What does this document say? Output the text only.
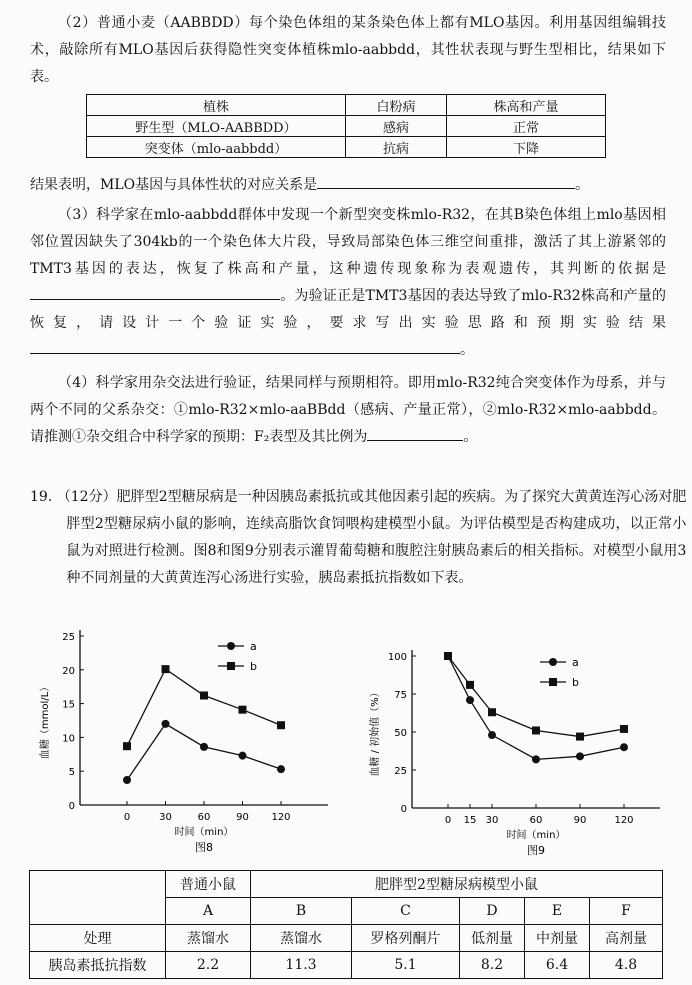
（2）普通小麦（AABBDD）每个染色体组的某条染色体上都有MLO基因。利用基因组编辑技术，敲除所有MLO基因后获得隐性突变体植株mlo-aabbdd，其性状表现与野生型相比，结果如下表。

植株	白粉病	株高和产量
野生型（MLO-AABBDD）	感病	正常
突变体（mlo-aabbdd）	抗病	下降

结果表明，MLO基因与具体性状的对应关系是	。

（3）科学家在mlo-aabbdd群体中发现一个新型突变株mlo-R32，在其B染色体组上mlo基因相邻位置因缺失了304kb的一个染色体大片段，导致局部染色体三维空间重排，激活了其上游紧邻的TMT3基因的表达，恢复了株高和产量，这种遗传现象称为表观遗传，其判断的依据是。为验证正是TMT3基因的表达导致了mlo-R32株高和产量的恢复，请设计一个验证实验，要求写出实验思路和预期实验结果。

（4）科学家用杂交法进行验证，结果同样与预期相符。即用mlo-R32纯合突变体作为母系，并与两个不同的父系杂交：①mlo-R32×mlo-aaBBdd（感病、产量正常），②mlo-R32×mlo-aabbdd。请推测①杂交组合中科学家的预期：F₂表型及其比例为	。

19. （12分）肥胖型2型糖尿病是一种因胰岛素抵抗或其他因素引起的疾病。为了探究大黄黄连泻心汤对肥胖型2型糖尿病小鼠的影响，连续高脂饮食饲喂构建模型小鼠。为评估模型是否构建成功，以正常小鼠为对照进行检测。图8和图9分别表示灌胃葡萄糖和腹腔注射胰岛素后的相关指标。对模型小鼠用3种不同剂量的大黄黄连泻心汤进行实验，胰岛素抵抗指数如下表。

0
5
10
15
20
25
0	30	60	90 120
a
b
血糖（mmol/L）
时间（min）
图8
0
25
50
75
100
0 15 30	60	90	120
a
b
血糖 / 初始值（%）
时间（min）
图9
	普通小鼠	肥胖型2型糖尿病模型小鼠				
	A	B	C	D	E	F
处理	蒸馏水	蒸馏水	罗格列酮片	低剂量	中剂量	高剂量
胰岛素抵抗指数	2.2	11.3	5.1	8.2	6.4	4.8
